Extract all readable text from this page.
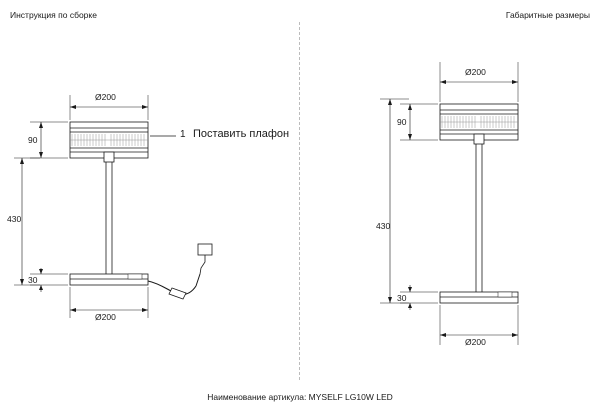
Инструкция по сборке	Габаритные размеры
Ø200
Ø200
90
430
30
1 Поставить плафон
Ø200
Ø200
90
430
30
Наименование артикула: MYSELF LG10W LED
